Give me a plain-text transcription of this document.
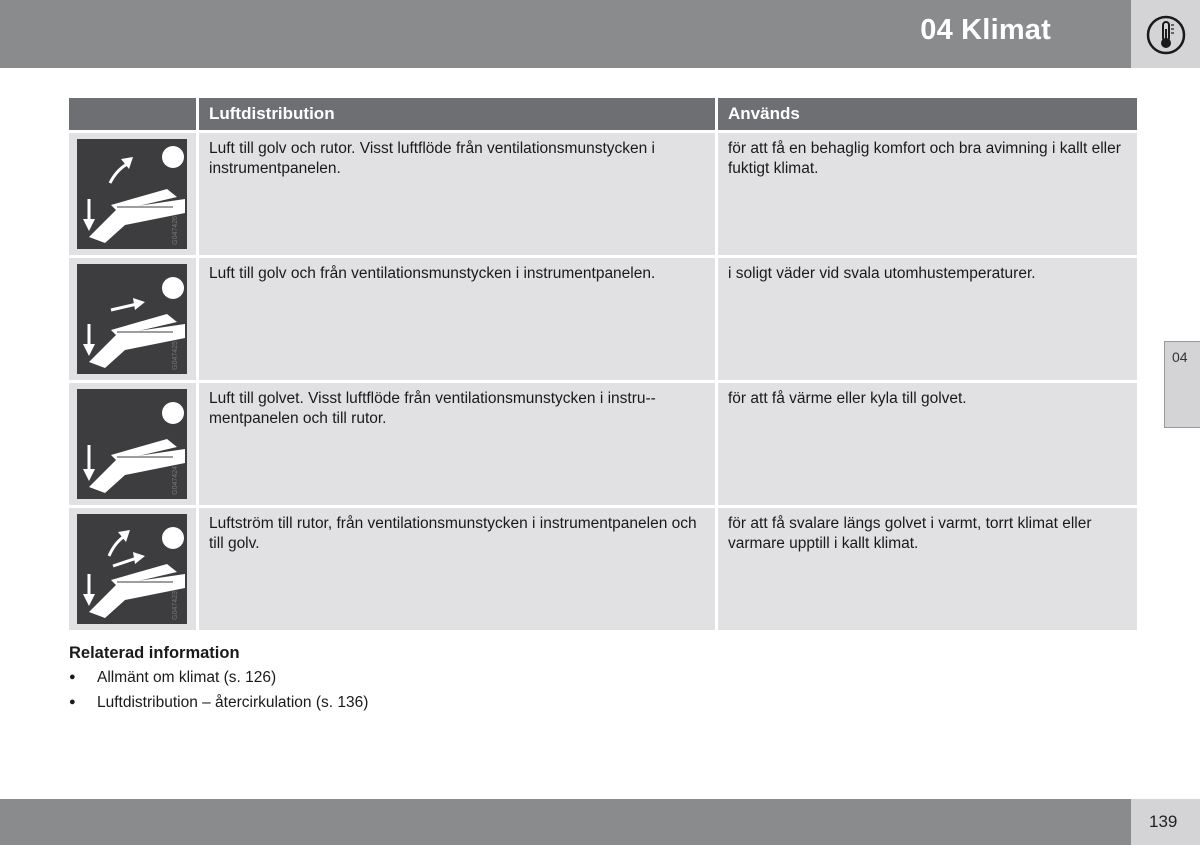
04 Klimat
04
	Luftdistribution	Används

G047426	Luft till golv och rutor. Visst luftflöde från ventilationsmunstycken i instrumentpanelen.	för att få en behaglig komfort och bra avimning i kallt eller fuktigt klimat.

G047425	Luft till golv och från ventilationsmunstycken i instrumentpanelen.	i soligt väder vid svala utomhustemperaturer.

G047424	Luft till golvet. Visst luftflöde från ventilationsmunstycken i instru-mentpanelen och till rutor.	för att få värme eller kyla till golvet.

G047423	Luftström till rutor, från ventilationsmunstycken i instrumentpanelen och till golv.	för att få svalare längs golvet i varmt, torrt klimat eller varmare upptill i kallt klimat.
Relaterad information
● Allmänt om klimat (s. 126)
● Luftdistribution – återcirkulation (s. 136)
139
